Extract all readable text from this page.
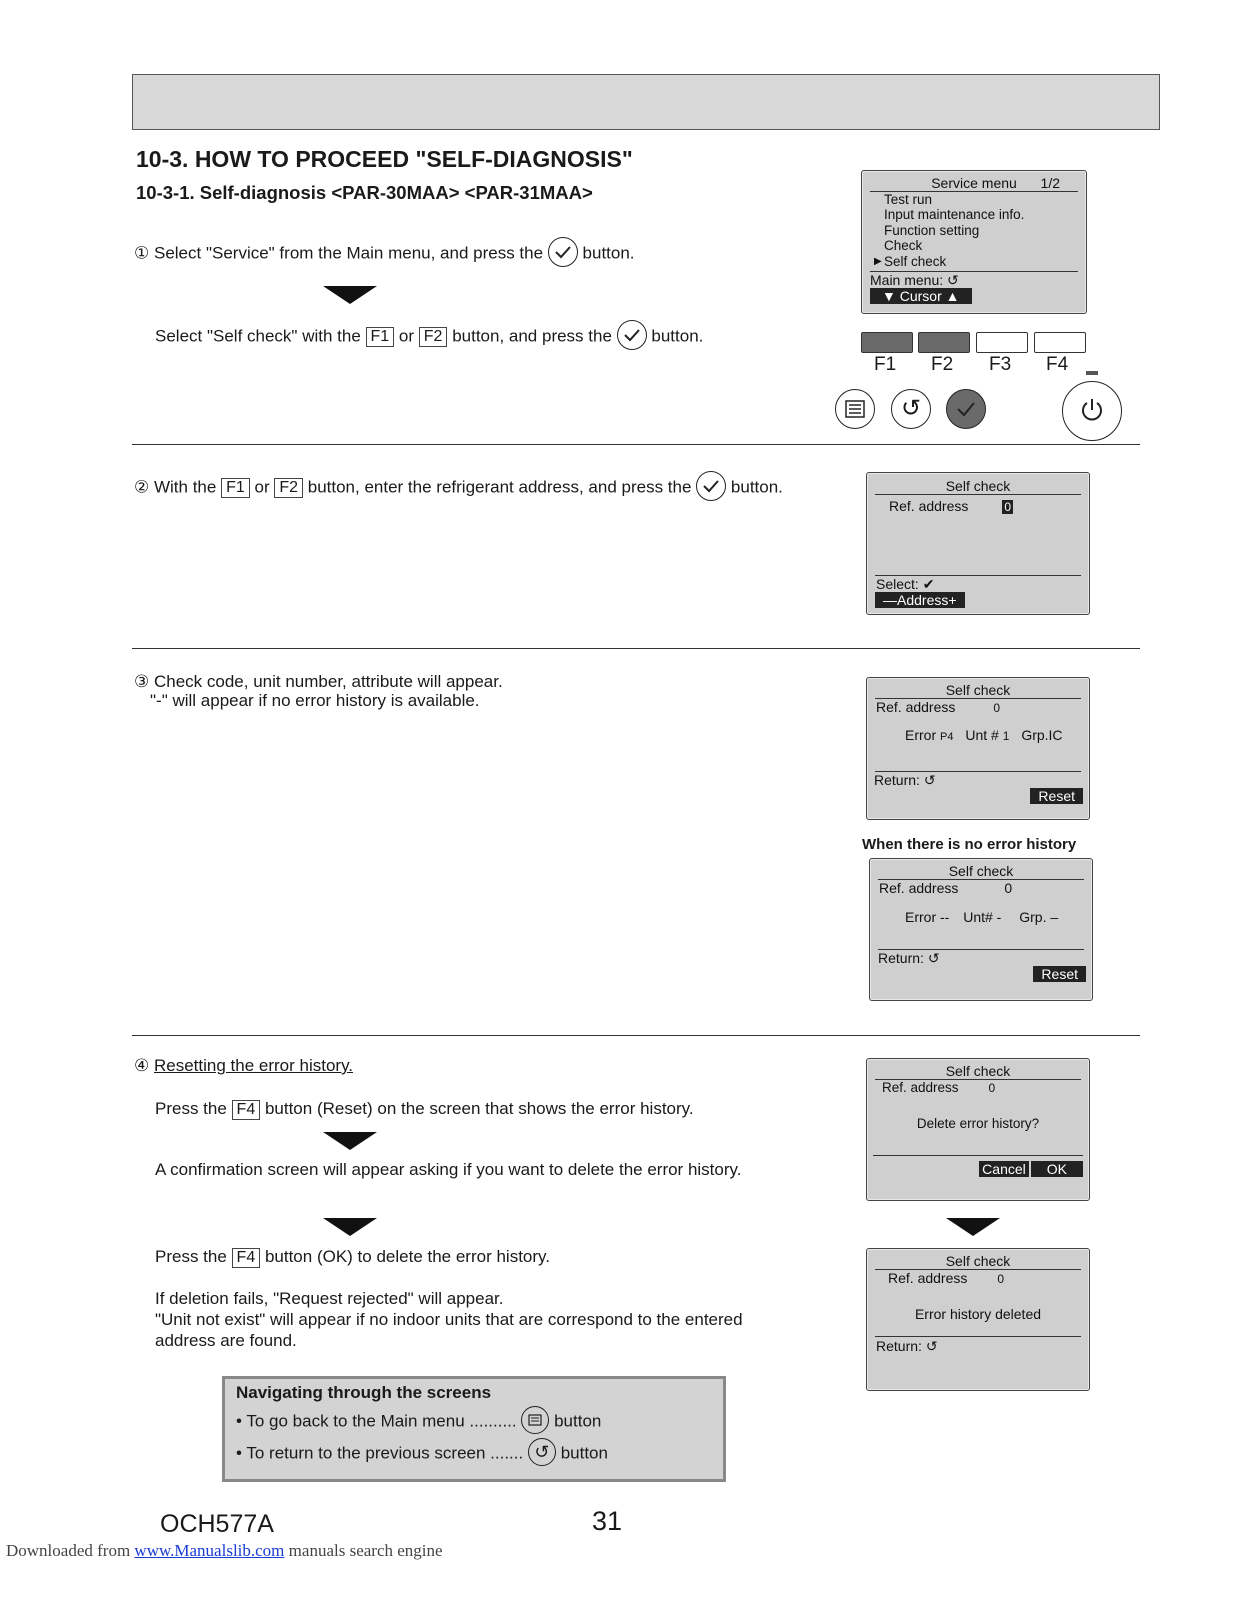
10-3. HOW TO PROCEED "SELF-DIAGNOSIS"
10-3-1. Self-diagnosis <PAR-30MAA> <PAR-31MAA>
① Select "Service" from the Main menu, and press the button.
Select "Self check" with the F1 or F2 button, and press the button.
Service menu 1/2
Test run
Input maintenance info.
Function setting
Check
▶ Self check
Main menu: ↺
▼ Cursor ▲
F1 F2 F3 F4
↺
② With the F1 or F2 button, enter the refrigerant address, and press the button.	Self check
Ref. address	0
Select: ✔
—Address+
③ Check code, unit number, attribute will appear.
"-" will appear if no error history is available.
Self check
Ref. address	0
Error P4 Unt # 1 Grp.IC
Return: ↺
Reset
When there is no error history
Self check
Ref. address	0
Error -- Unt# - Grp. –
Return: ↺
Reset
④ Resetting the error history.
Press the F4 button (Reset) on the screen that shows the error history.
A confirmation screen will appear asking if you want to delete the error history.
Press the F4 button (OK) to delete the error history.
If deletion fails, "Request rejected" will appear.
"Unit not exist" will appear if no indoor units that are correspond to the entered
address are found.
Self check
Ref. address	0
Delete error history?
Cancel OK
Self check
Ref. address	0
Error history deleted
Return: ↺
Navigating through the screens
• To go back to the Main menu .......... button
• To return to the previous screen ....... ↺ button
OCH577A	31
Downloaded from www.Manualslib.com manuals search engine
